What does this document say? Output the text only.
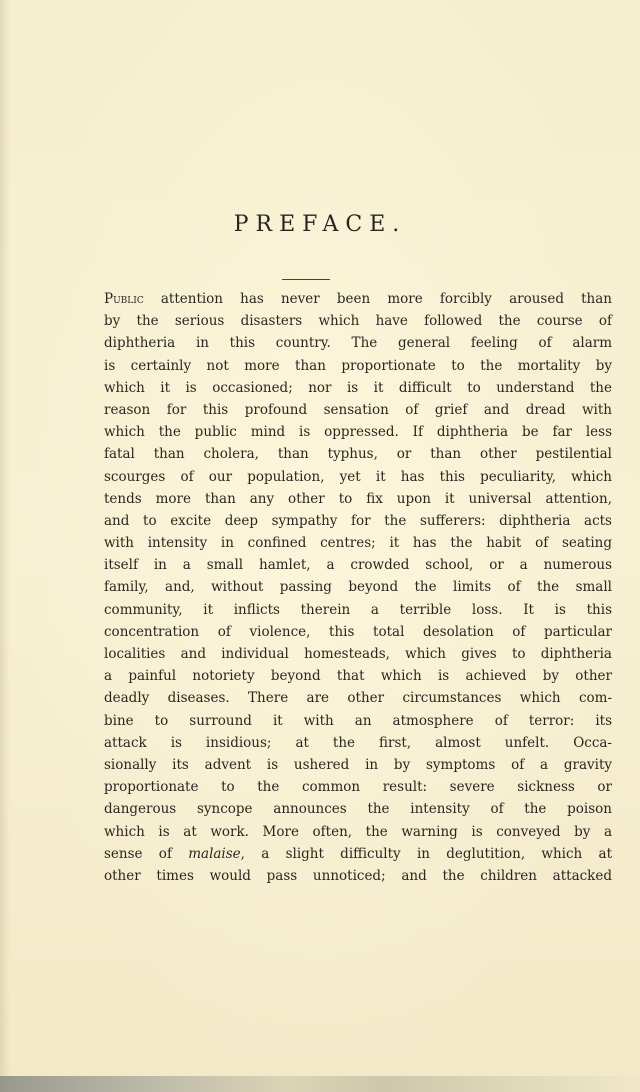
PREFACE.
Public attention has never been more forcibly aroused than
by the serious disasters which have followed the course of
diphtheria in this country. The general feeling of alarm
is certainly not more than proportionate to the mortality by
which it is occasioned; nor is it difficult to understand the
reason for this profound sensation of grief and dread with
which the public mind is oppressed. If diphtheria be far less
fatal than cholera, than typhus, or than other pestilential
scourges of our population, yet it has this peculiarity, which
tends more than any other to fix upon it universal attention,
and to excite deep sympathy for the sufferers: diphtheria acts
with intensity in confined centres; it has the habit of seating
itself in a small hamlet, a crowded school, or a numerous
family, and, without passing beyond the limits of the small
community, it inflicts therein a terrible loss. It is this
concentration of violence, this total desolation of particular
localities and individual homesteads, which gives to diphtheria
a painful notoriety beyond that which is achieved by other
deadly diseases. There are other circumstances which com-
bine to surround it with an atmosphere of terror: its
attack is insidious; at the first, almost unfelt. Occa-
sionally its advent is ushered in by symptoms of a gravity
proportionate to the common result: severe sickness or
dangerous syncope announces the intensity of the poison
which is at work. More often, the warning is conveyed by a
sense of malaise, a slight difficulty in deglutition, which at
other times would pass unnoticed; and the children attacked
